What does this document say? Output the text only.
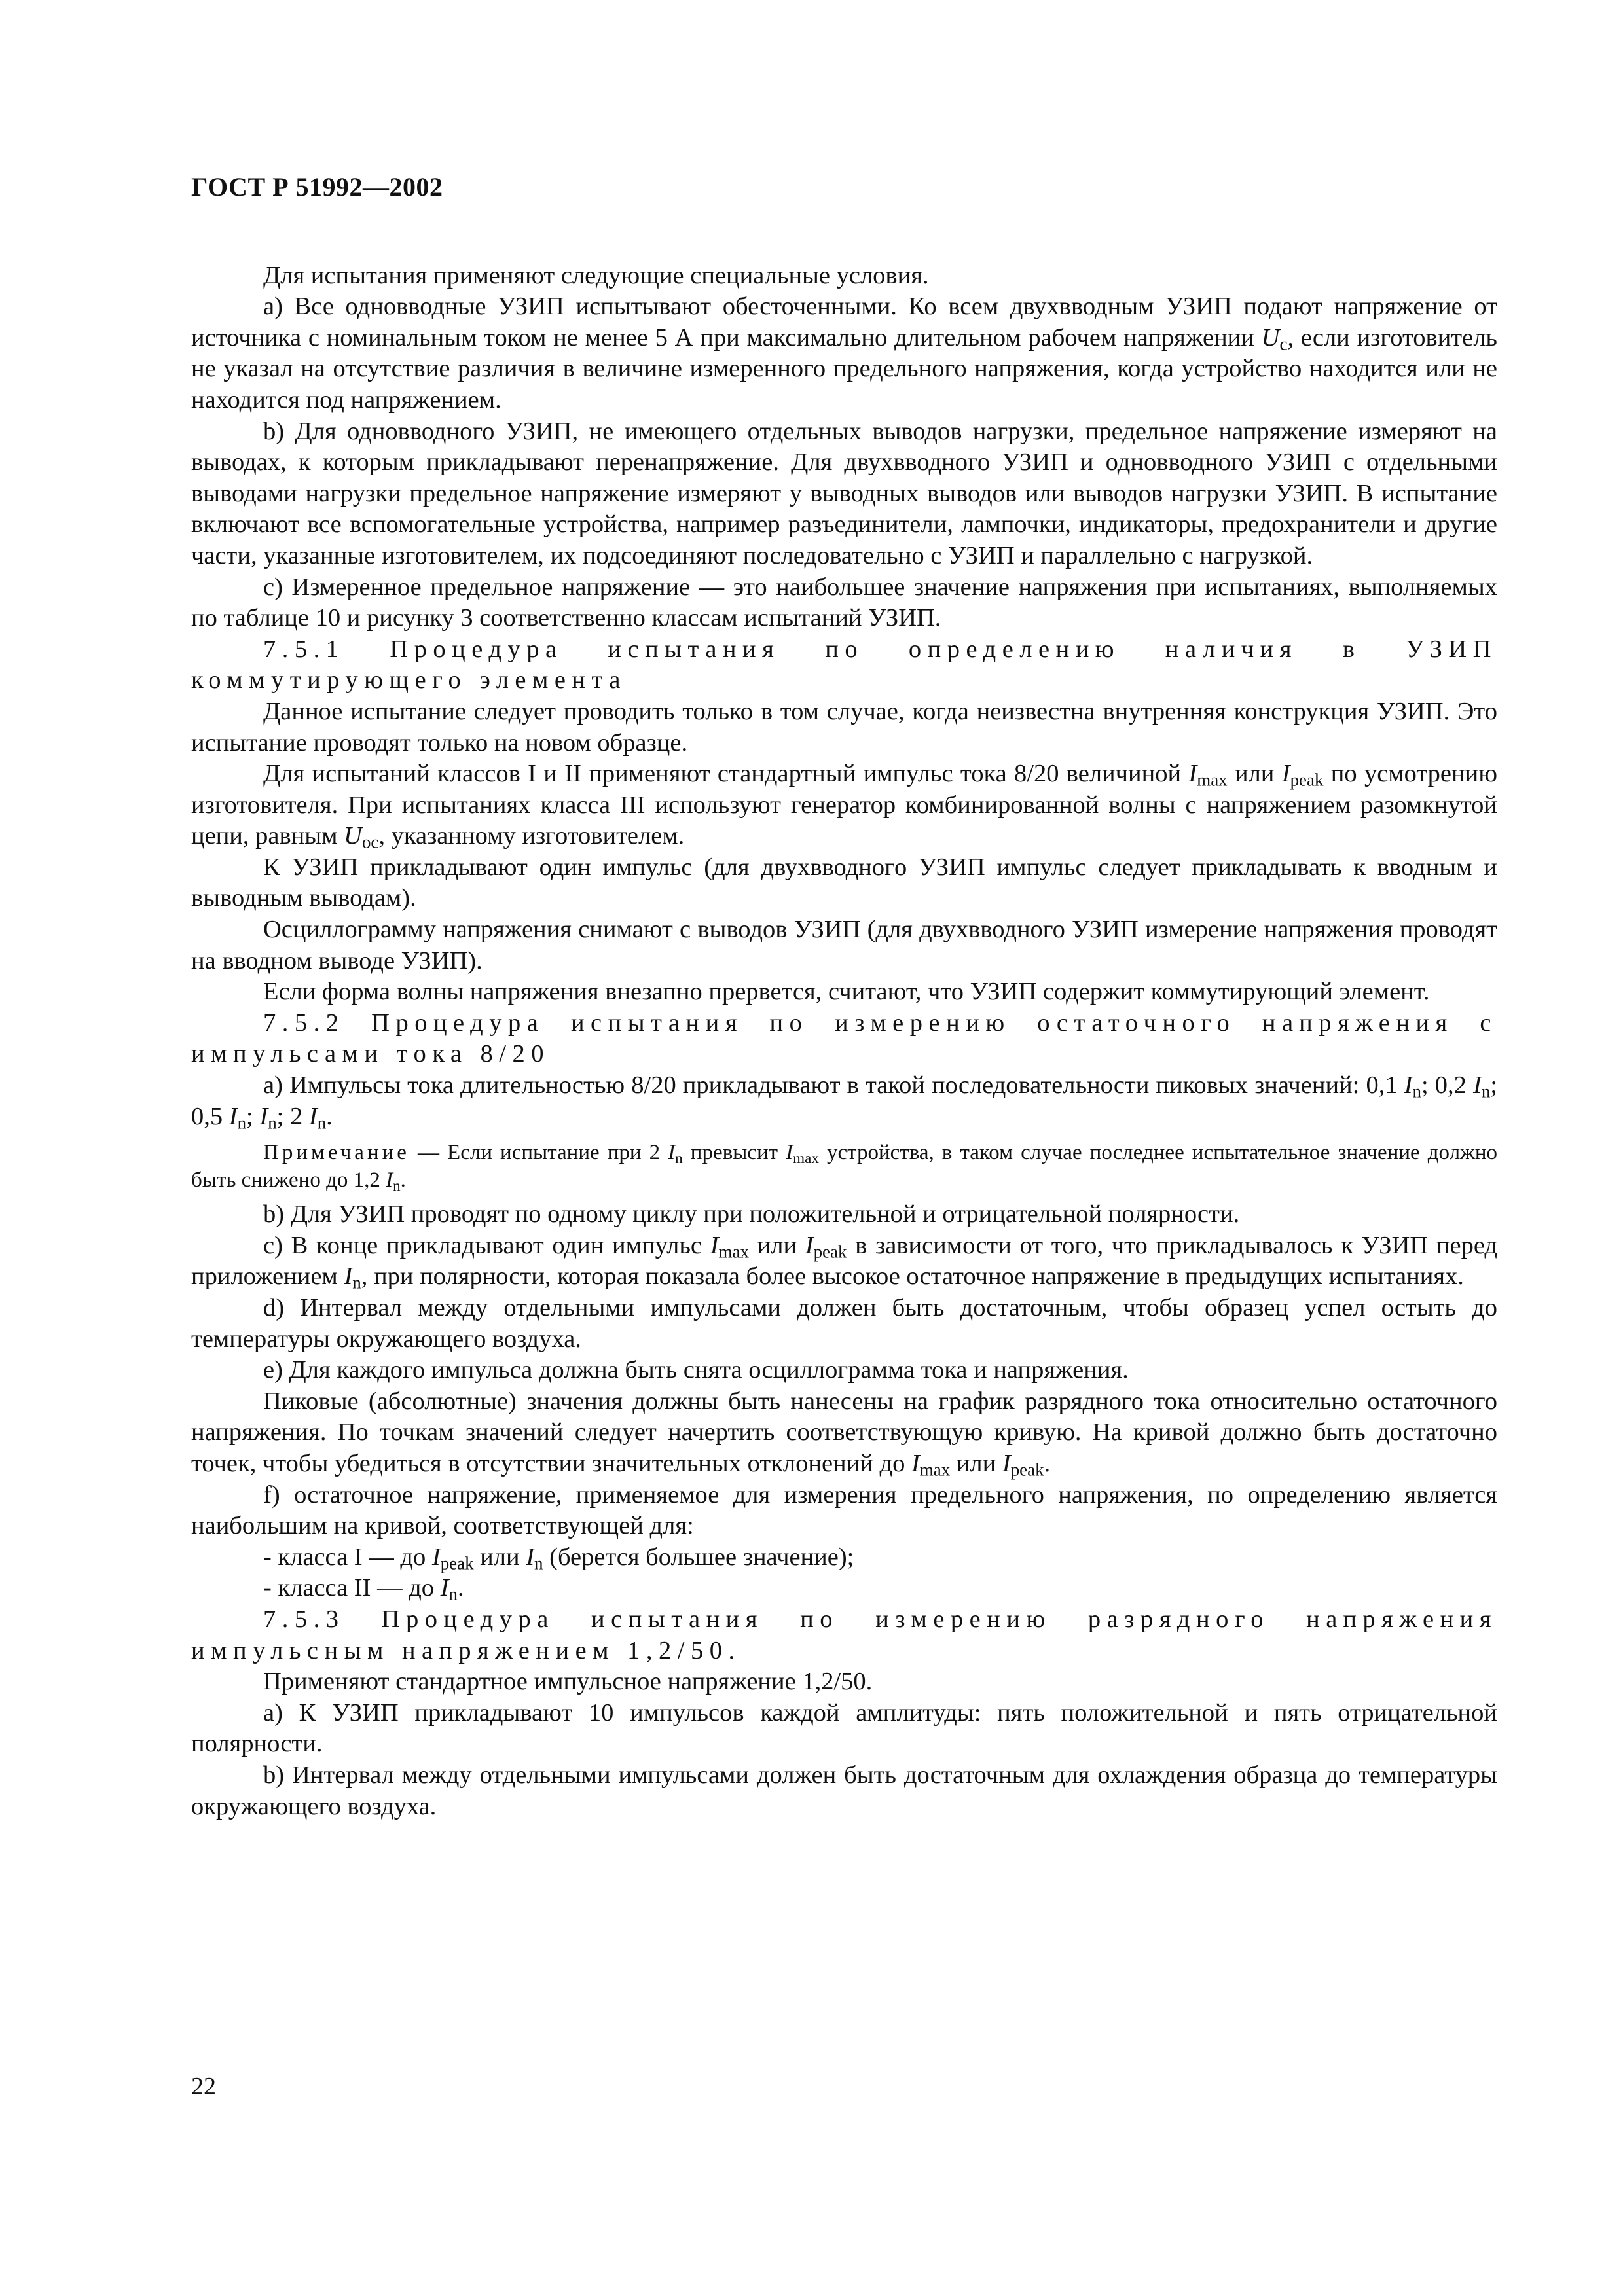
ГОСТ Р 51992—2002

Для испытания применяют следующие специальные условия.

a) Все одновводные УЗИП испытывают обесточенными. Ко всем двухвводным УЗИП подают напряжение от источника с номинальным током не менее 5 А при максимально длительном рабочем напряжении $U_c$, если изготовитель не указал на отсутствие различия в величине измеренного предельного напряжения, когда устройство находится или не находится под напряжением.

b) Для одновводного УЗИП, не имеющего отдельных выводов нагрузки, предельное напряжение измеряют на выводах, к которым прикладывают перенапряжение. Для двухвводного УЗИП и одновводного УЗИП с отдельными выводами нагрузки предельное напряжение измеряют у выводных выводов или выводов нагрузки УЗИП. В испытание включают все вспомогательные устройства, например разъединители, лампочки, индикаторы, предохранители и другие части, указанные изготовителем, их подсоединяют последовательно с УЗИП и параллельно с нагрузкой.

c) Измеренное предельное напряжение — это наибольшее значение напряжения при испытаниях, выполняемых по таблице 10 и рисунку 3 соответственно классам испытаний УЗИП.

7.5.1 Процедура испытания по определению наличия в УЗИП коммутирующего элемента

Данное испытание следует проводить только в том случае, когда неизвестна внутренняя конструкция УЗИП. Это испытание проводят только на новом образце.

Для испытаний классов I и II применяют стандартный импульс тока 8/20 величиной $I_{max}$ или $I_{peak}$ по усмотрению изготовителя. При испытаниях класса III используют генератор комбинированной волны с напряжением разомкнутой цепи, равным $U_{oc}$, указанному изготовителем.

К УЗИП прикладывают один импульс (для двухвводного УЗИП импульс следует прикладывать к вводным и выводным выводам).

Осциллограмму напряжения снимают с выводов УЗИП (для двухвводного УЗИП измерение напряжения проводят на вводном выводе УЗИП).

Если форма волны напряжения внезапно прервется, считают, что УЗИП содержит коммутирующий элемент.

7.5.2 Процедура испытания по измерению остаточного напряжения с импульсами тока 8/20

a) Импульсы тока длительностью 8/20 прикладывают в такой последовательности пиковых значений: 0,1 $I_n$; 0,2 $I_n$; 0,5 $I_n$; $I_n$; 2 $I_n$.

Примечание — Если испытание при 2 $I_n$ превысит $I_{max}$ устройства, в таком случае последнее испытательное значение должно быть снижено до 1,2 $I_n$.

b) Для УЗИП проводят по одному циклу при положительной и отрицательной полярности.

c) В конце прикладывают один импульс $I_{max}$ или $I_{peak}$ в зависимости от того, что прикладывалось к УЗИП перед приложением $I_n$, при полярности, которая показала более высокое остаточное напряжение в предыдущих испытаниях.

d) Интервал между отдельными импульсами должен быть достаточным, чтобы образец успел остыть до температуры окружающего воздуха.

e) Для каждого импульса должна быть снята осциллограмма тока и напряжения.

Пиковые (абсолютные) значения должны быть нанесены на график разрядного тока относительно остаточного напряжения. По точкам значений следует начертить соответствующую кривую. На кривой должно быть достаточно точек, чтобы убедиться в отсутствии значительных отклонений до $I_{max}$ или $I_{peak}$.

f) остаточное напряжение, применяемое для измерения предельного напряжения, по определению является наибольшим на кривой, соответствующей для:

- класса I — до $I_{peak}$ или $I_n$ (берется большее значение);

- класса II — до $I_n$.

7.5.3 Процедура испытания по измерению разрядного напряжения импульсным напряжением 1,2/50.

Применяют стандартное импульсное напряжение 1,2/50.

a) К УЗИП прикладывают 10 импульсов каждой амплитуды: пять положительной и пять отрицательной полярности.

b) Интервал между отдельными импульсами должен быть достаточным для охлаждения образца до температуры окружающего воздуха.

22
